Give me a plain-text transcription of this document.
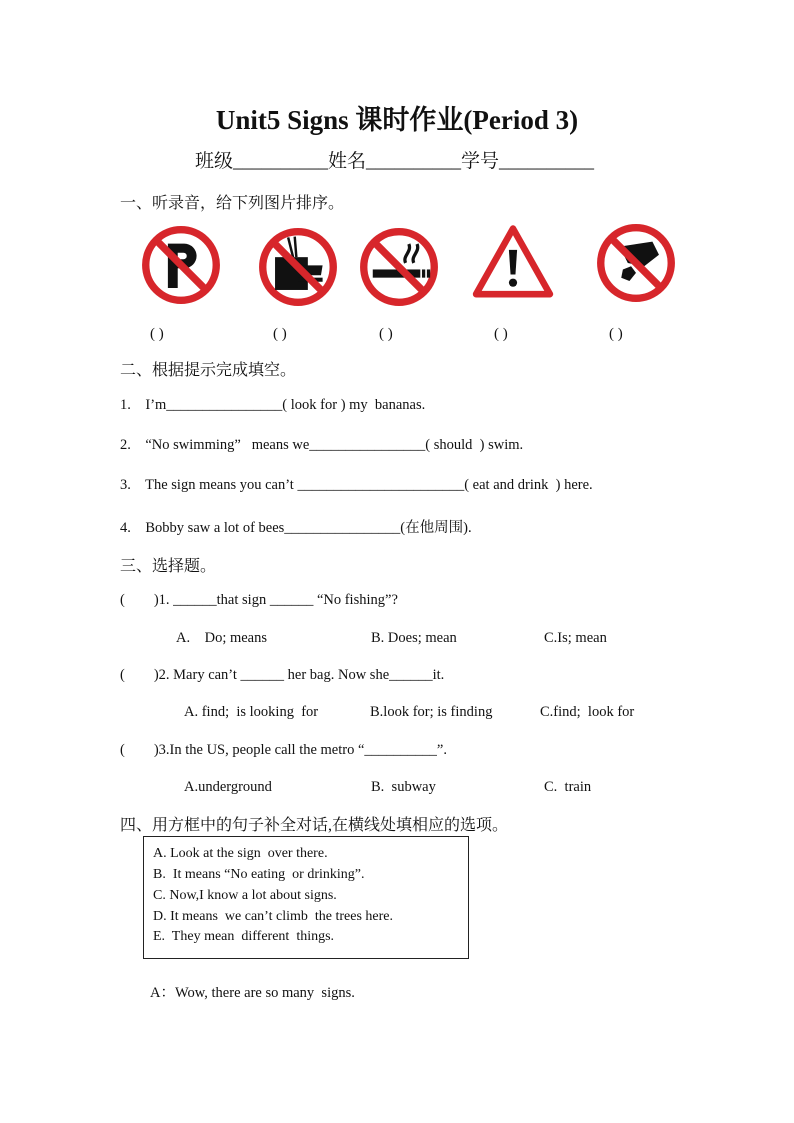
Unit5 Signs 课时作业(Period 3)
班级__________姓名__________学号__________
一、听录音，给下列图片排序。
( )	( )	( )	( )	( )
二、根据提示完成填空。
1.    I’m________________( look for ) my  bananas.
2.    “No swimming”   means we________________( should  ) swim.
3.    The sign means you can’t _______________________( eat and drink  ) here.
4.    Bobby saw a lot of bees________________(在他周围).
三、选择题。
(        )1. ______that sign ______ “No fishing”?
A.    Do; means	B. Does; mean	C.Is; mean
(        )2. Mary can’t ______ her bag. Now she______it.
A. find;  is looking  for	B.look for; is finding	C.find;  look for
(        )3.In the US, people call the metro “__________”.
A.underground	B.  subway	C.  train
四、用方框中的句子补全对话,在横线处填相应的选项。
A. Look at the sign  over there.
B.  It means “No eating  or drinking”.
C. Now,I know a lot about signs.
D. It means  we can’t climb  the trees here.
E.  They mean  different  things.
A：Wow, there are so many  signs.
